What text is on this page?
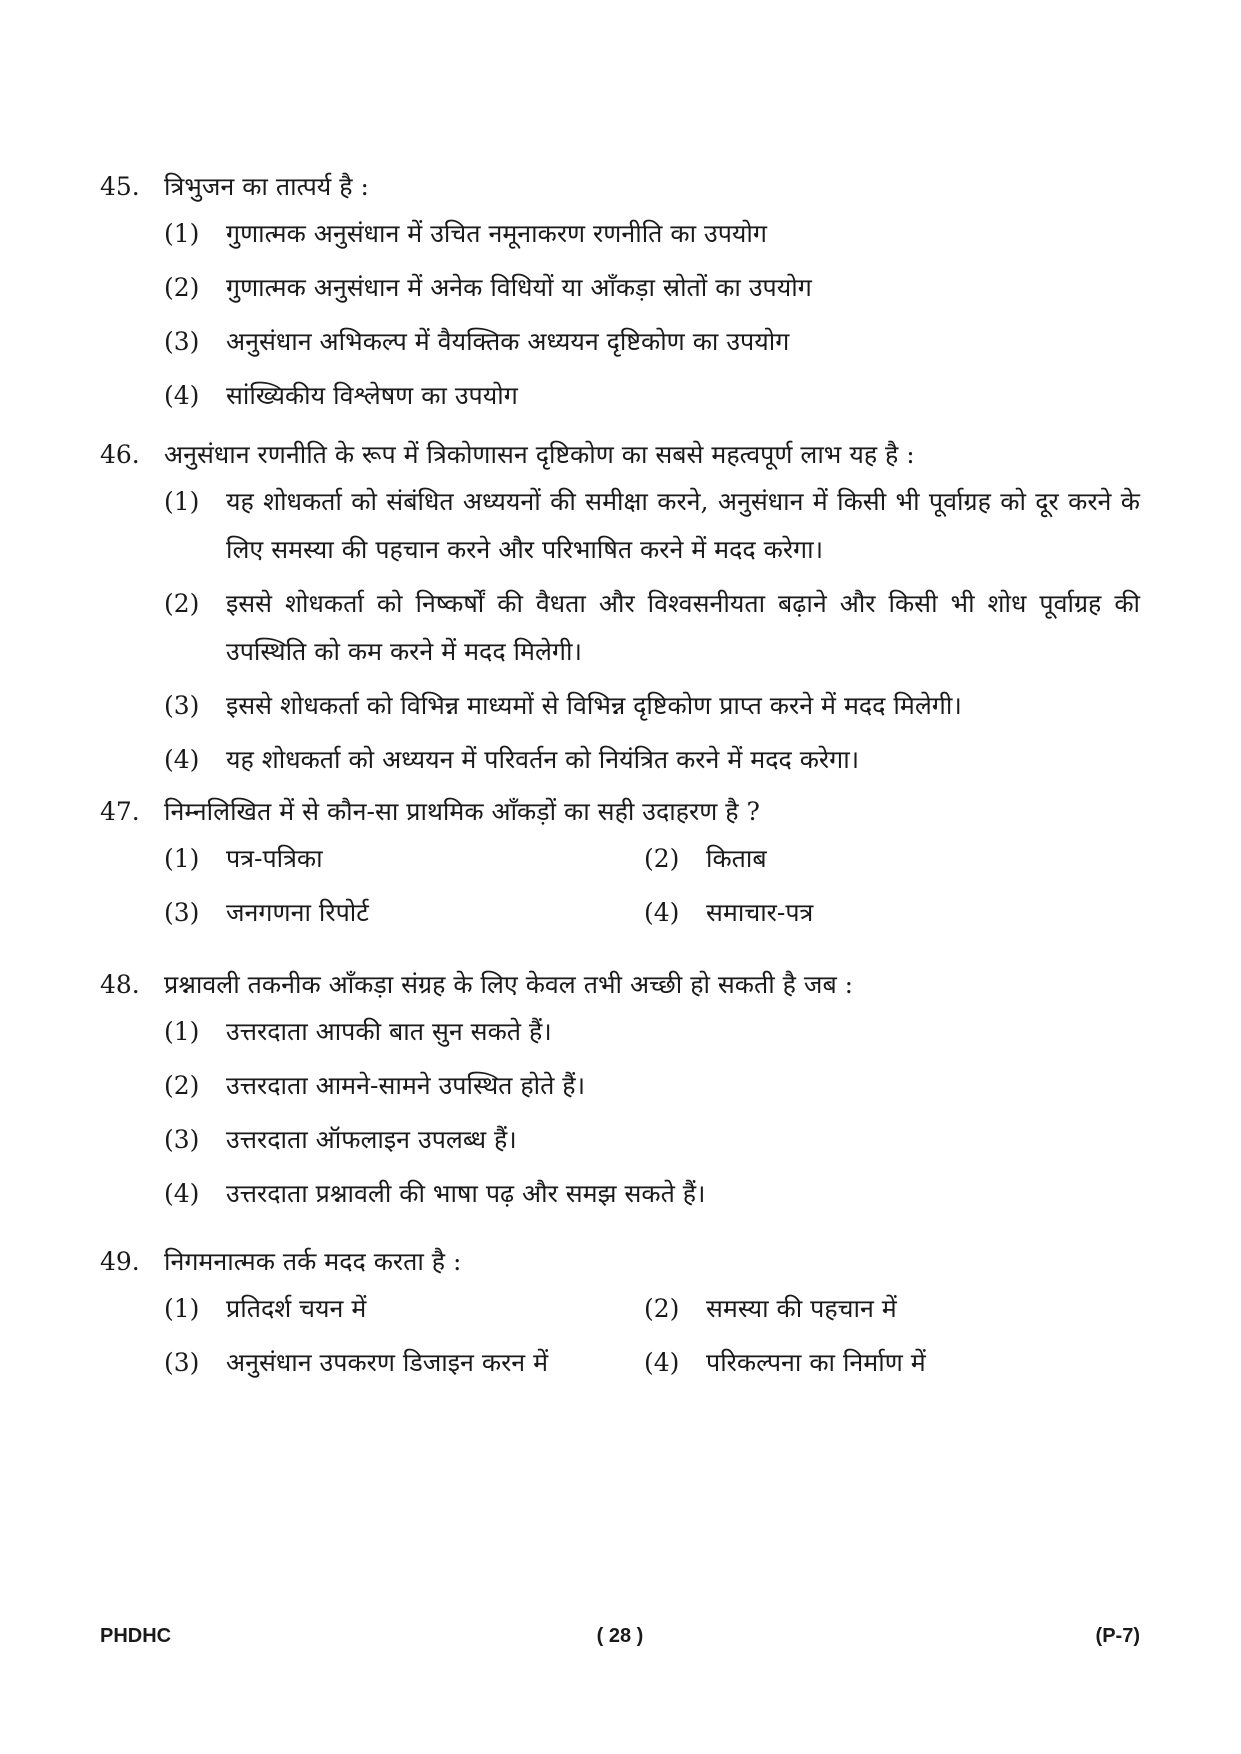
45. त्रिभुजन का तात्पर्य है :
(1)	गुणात्मक अनुसंधान में उचित नमूनाकरण रणनीति का उपयोग
(2)	गुणात्मक अनुसंधान में अनेक विधियों या आँकड़ा स्रोतों का उपयोग
(3)	अनुसंधान अभिकल्प में वैयक्तिक अध्ययन दृष्टिकोण का उपयोग
(4)	सांख्यिकीय विश्लेषण का उपयोग
46. अनुसंधान रणनीति के रूप में त्रिकोणासन दृष्टिकोण का सबसे महत्वपूर्ण लाभ यह है :
(1)	यह शोधकर्ता को संबंधित अध्ययनों की समीक्षा करने, अनुसंधान में किसी भी पूर्वाग्रह को दूर करने के लिए समस्या की पहचान करने और परिभाषित करने में मदद करेगा।
(2)	इससे शोधकर्ता को निष्कर्षों की वैधता और विश्वसनीयता बढ़ाने और किसी भी शोध पूर्वाग्रह की उपस्थिति को कम करने में मदद मिलेगी।
(3)	इससे शोधकर्ता को विभिन्न माध्यमों से विभिन्न दृष्टिकोण प्राप्त करने में मदद मिलेगी।
(4)	यह शोधकर्ता को अध्ययन में परिवर्तन को नियंत्रित करने में मदद करेगा।
47. निम्नलिखित में से कौन-सा प्राथमिक आँकड़ों का सही उदाहरण है ?
(1)	पत्र-पत्रिका	(2)	किताब
(3)	जनगणना रिपोर्ट	(4)	समाचार-पत्र
48. प्रश्नावली तकनीक आँकड़ा संग्रह के लिए केवल तभी अच्छी हो सकती है जब :
(1)	उत्तरदाता आपकी बात सुन सकते हैं।
(2)	उत्तरदाता आमने-सामने उपस्थित होते हैं।
(3)	उत्तरदाता ऑफलाइन उपलब्ध हैं।
(4)	उत्तरदाता प्रश्नावली की भाषा पढ़ और समझ सकते हैं।
49. निगमनात्मक तर्क मदद करता है :
(1)	प्रतिदर्श चयन में	(2)	समस्या की पहचान में
(3)	अनुसंधान उपकरण डिजाइन करन में	(4)	परिकल्पना का निर्माण में
PHDHC	( 28 )	(P-7)
